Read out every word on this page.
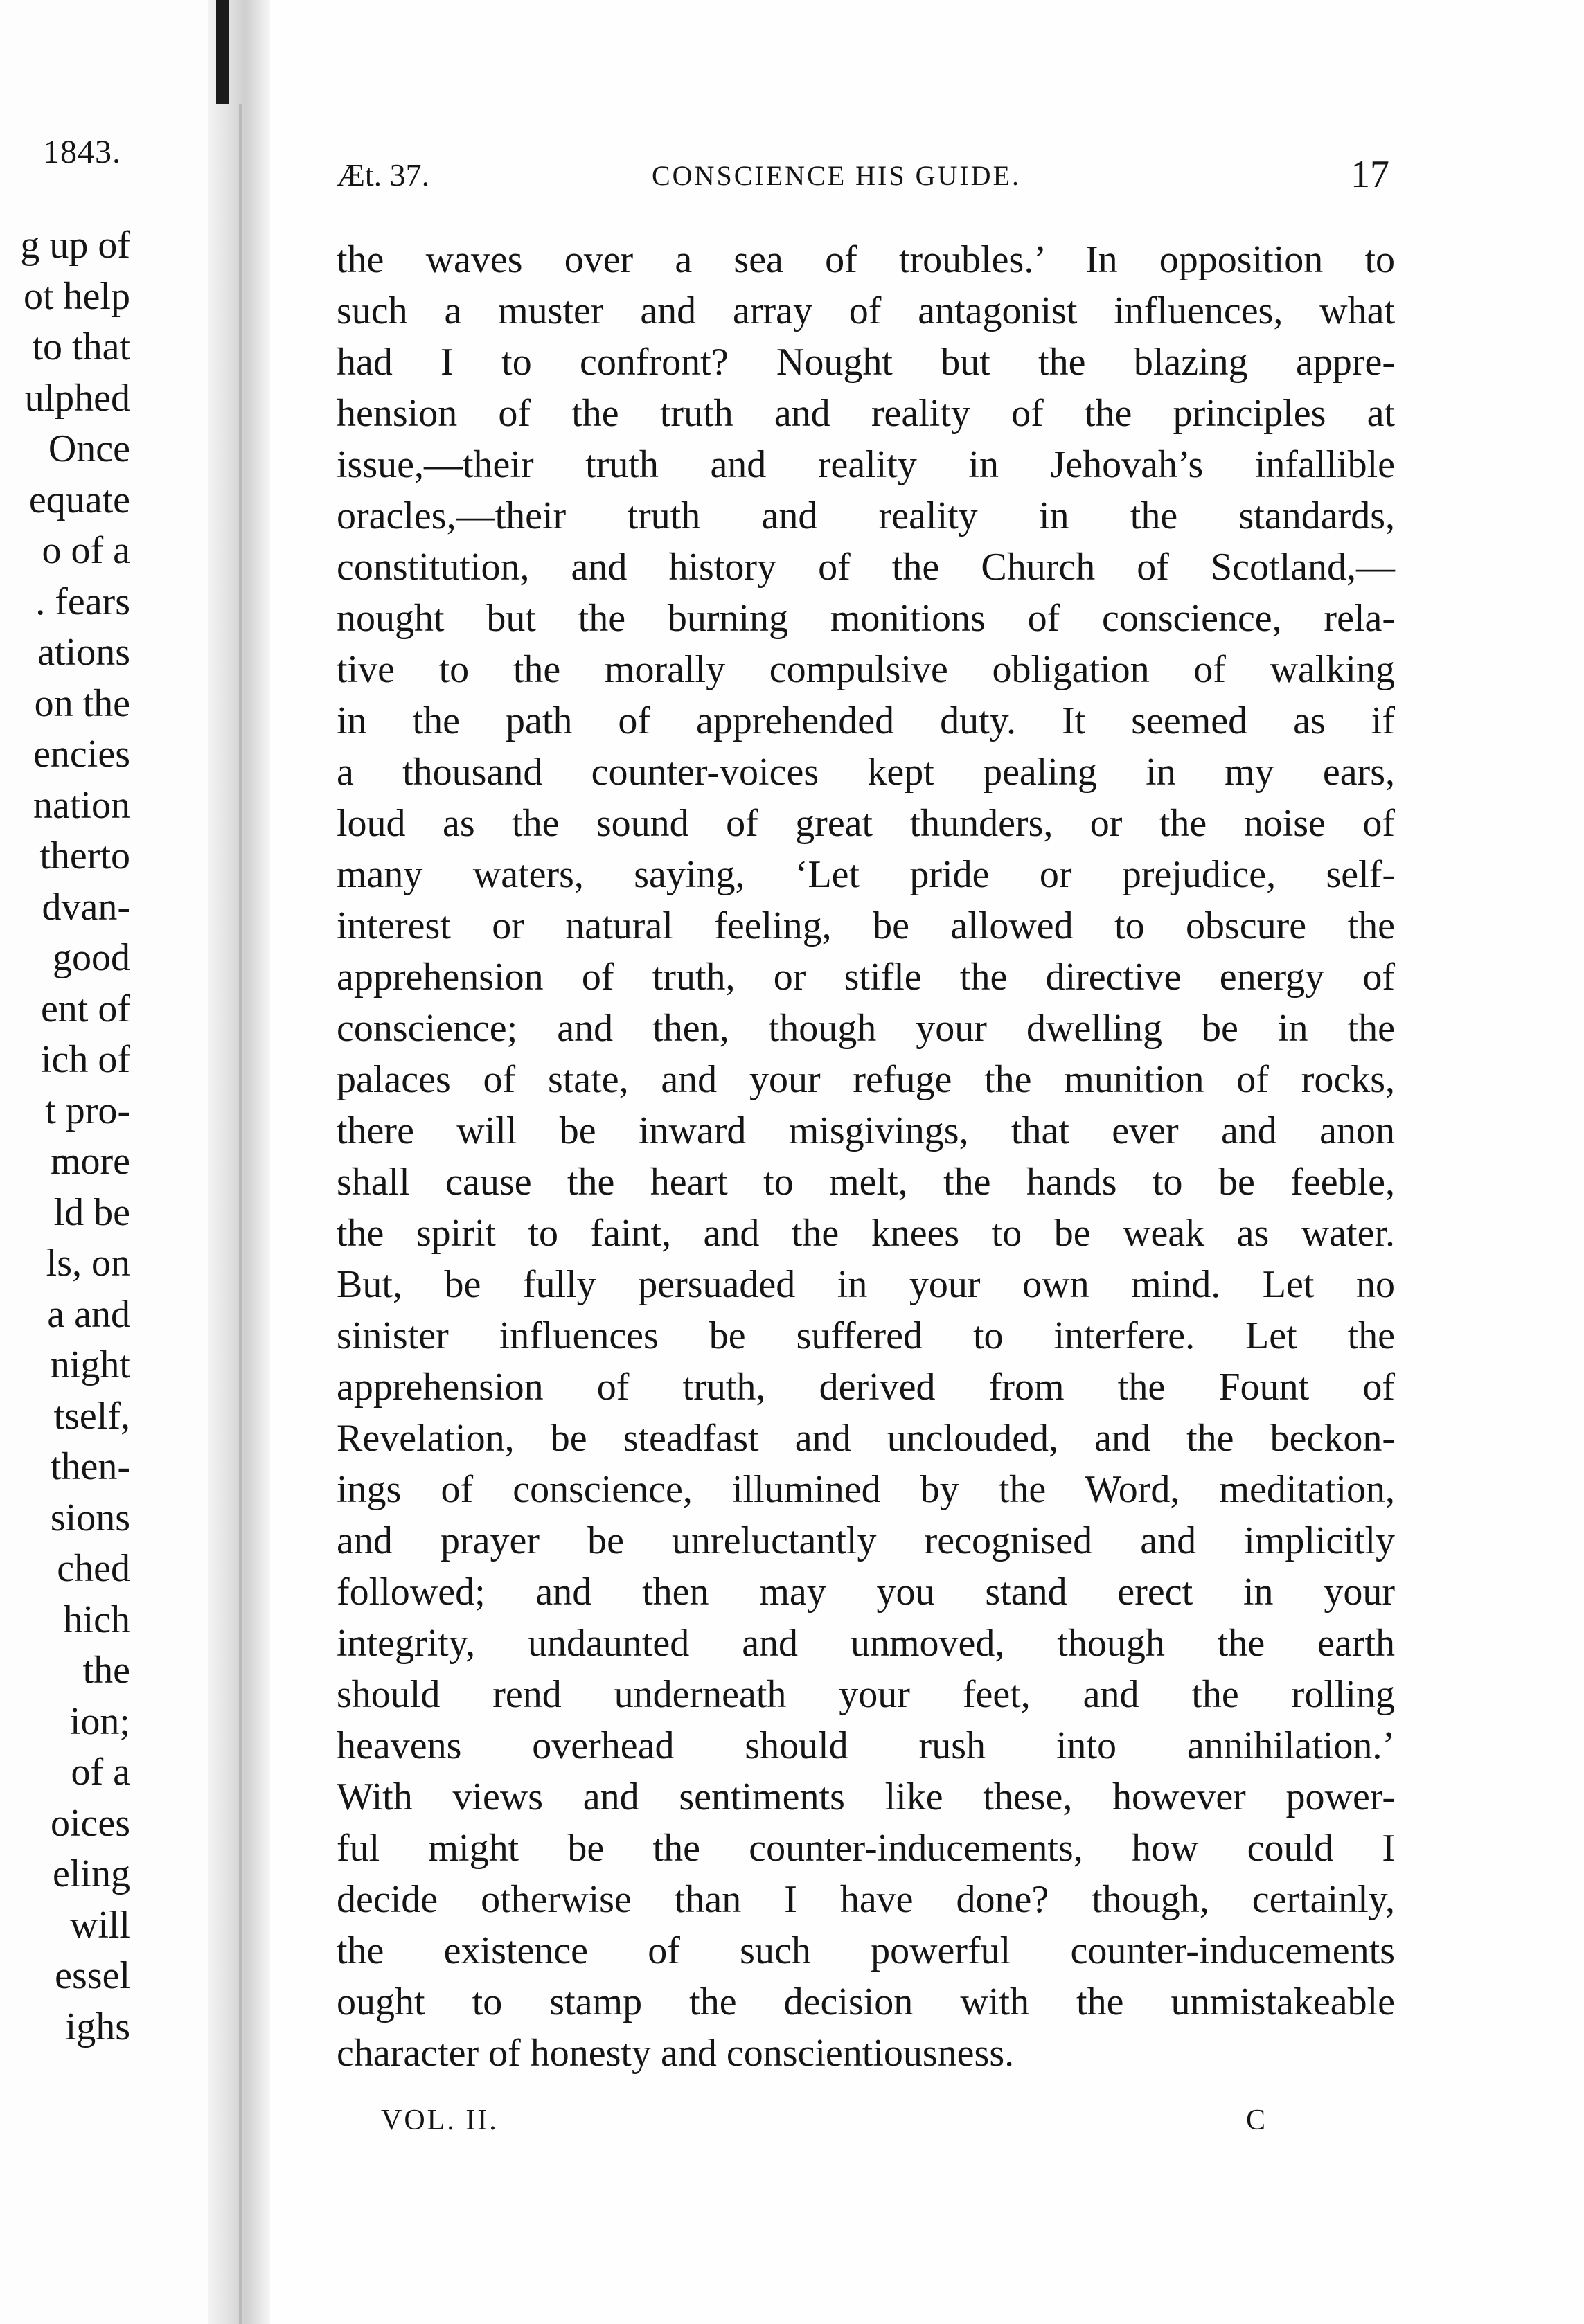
1843.
g up of
ot help
to that
ulphed
Once
equate
o of a
. fears
ations
on the
encies
nation
therto
dvan-
good
ent of
ich of
t pro-
more
ld be
ls, on
a and
night
tself,
then-
sions
ched
hich
the
ion;
of a
oices
eling
will
essel
ighs
Æt. 37.	CONSCIENCE HIS GUIDE.	17
the waves over a sea of troubles.’ In opposition to
such a muster and array of antagonist influences, what
had I to confront? Nought but the blazing appre-
hension of the truth and reality of the principles at
issue,—their truth and reality in Jehovah’s infallible
oracles,—their truth and reality in the standards,
constitution, and history of the Church of Scotland,—
nought but the burning monitions of conscience, rela-
tive to the morally compulsive obligation of walking
in the path of apprehended duty. It seemed as if
a thousand counter-voices kept pealing in my ears,
loud as the sound of great thunders, or the noise of
many waters, saying, ‘Let pride or prejudice, self-
interest or natural feeling, be allowed to obscure the
apprehension of truth, or stifle the directive energy of
conscience; and then, though your dwelling be in the
palaces of state, and your refuge the munition of rocks,
there will be inward misgivings, that ever and anon
shall cause the heart to melt, the hands to be feeble,
the spirit to faint, and the knees to be weak as water.
But, be fully persuaded in your own mind. Let no
sinister influences be suffered to interfere. Let the
apprehension of truth, derived from the Fount of
Revelation, be steadfast and unclouded, and the beckon-
ings of conscience, illumined by the Word, meditation,
and prayer be unreluctantly recognised and implicitly
followed; and then may you stand erect in your
integrity, undaunted and unmoved, though the earth
should rend underneath your feet, and the rolling
heavens overhead should rush into annihilation.’
With views and sentiments like these, however power-
ful might be the counter-inducements, how could I
decide otherwise than I have done? though, certainly,
the existence of such powerful counter-inducements
ought to stamp the decision with the unmistakeable
character of honesty and conscientiousness.
VOL. II.	C
